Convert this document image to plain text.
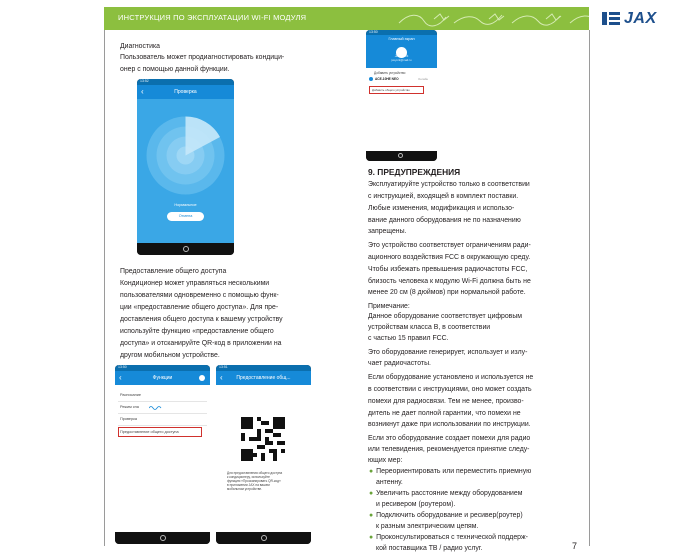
ИНСТРУКЦИЯ ПО ЭКСПЛУАТАЦИИ WI-FI МОДУЛЯ	JAX
Диагностика
Пользователь может продиагностировать кондици-
онер с помощью данной функции.
13:52
‹	Проверка
Нормальное
Отмена
Предоставление общего доступа
Кондиционер может управляться несколькими
пользователями одновременно с помощью функ-
ции «предоставление общего доступа». Для пре-
доставления общего доступа к вашему устройству
используйте функцию «предоставление общего
доступа» и отсканируйте QR-код в приложении на
другом мобильном устройстве.
13:50
‹	Функции
Расписание
Режим сна
Проверка
Предоставление общего доступа
13:51
‹	Предоставление общ...
Для предоставления общего доступа
к кондиционеру, используйте
функцию «Просканировать QR-код»
в приложении JAX на вашем
мобильном устройстве.
13:50
Главный экран
Jax York
jaxyork@mail.ru
Добавить устройство
ACE-10HE NEO	Онлайн
Добавить общего устройство
9. ПРЕДУПРЕЖДЕНИЯ
Эксплуатируйте устройство только в соответствии
с инструкцией, входящей в комплект поставки.
Любые изменения, модификация и использо-
вание данного оборудования не по назначению
запрещены.
Это устройство соответствует ограничениям ради-
ационного воздействия FCC в окружающую среду.
Чтобы избежать превышения радиочастоты FCC,
близость человека к модулю Wi-Fi должна быть не
менее 20 см (8 дюймов) при нормальной работе.
Примечание:
Данное оборудование соответствует цифровым
устройствам класса B, в соответствии
с частью 15 правил FCC.
Это оборудование генерирует, использует и излу-
чает радиочастоты.
Если оборудование установлено и используется не
в соответствии с инструкциями, оно может создать
помехи для радиосвязи. Тем не менее, произво-
дитель не дает полной гарантии, что помехи не
возникнут даже при использовании по инструкции.
Если это оборудование создает помехи для радио
или телевидения, рекомендуется принятие следу-
ющих мер:
● Переориентировать или переместить приемную
антенну.
● Увеличить расстояние между оборудованием
и ресивером (роутером).
● Подключить оборудование и ресивер(роутер)
к разным электрическим цепям.
● Проконсультироваться с технической поддерж-
кой поставщика ТВ / радио услуг.	7
